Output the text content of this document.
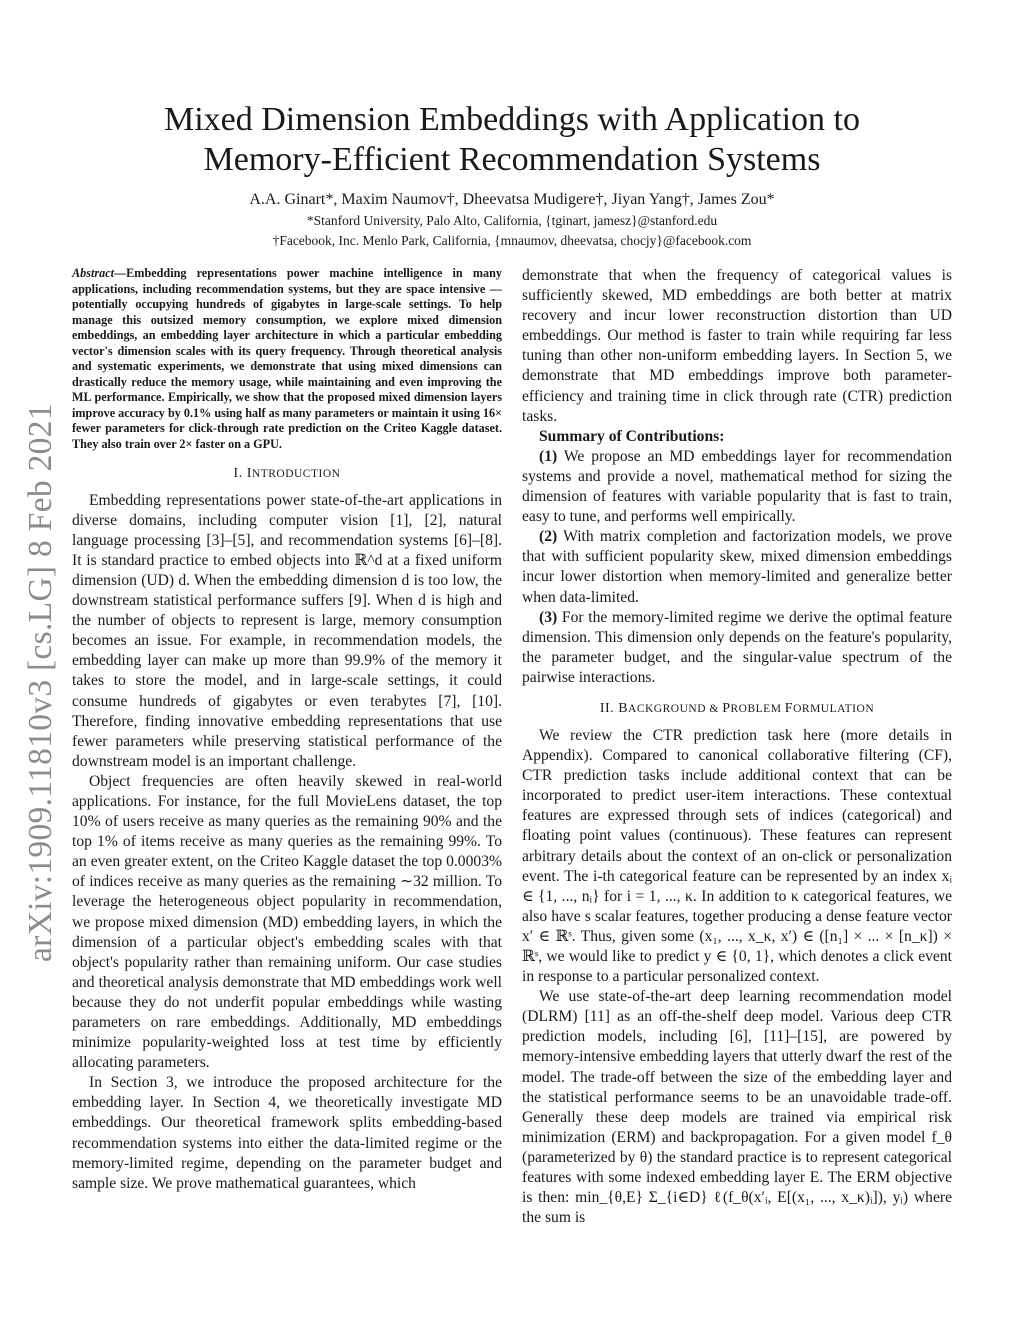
arXiv:1909.11810v3 [cs.LG] 8 Feb 2021
Mixed Dimension Embeddings with Application to
Memory-Efficient Recommendation Systems
A.A. Ginart*, Maxim Naumov†, Dheevatsa Mudigere†, Jiyan Yang†, James Zou*
*Stanford University, Palo Alto, California, {tginart, jamesz}@stanford.edu
†Facebook, Inc. Menlo Park, California, {mnaumov, dheevatsa, chocjy}@facebook.com

Abstract—Embedding representations power machine intelligence in many applications, including recommendation systems, but they are space intensive — potentially occupying hundreds of gigabytes in large-scale settings. To help manage this outsized memory consumption, we explore mixed dimension embeddings, an embedding layer architecture in which a particular embedding vector's dimension scales with its query frequency. Through theoretical analysis and systematic experiments, we demonstrate that using mixed dimensions can drastically reduce the memory usage, while maintaining and even improving the ML performance. Empirically, we show that the proposed mixed dimension layers improve accuracy by 0.1% using half as many parameters or maintain it using 16× fewer parameters for click-through rate prediction on the Criteo Kaggle dataset. They also train over 2× faster on a GPU.

I. INTRODUCTION

Embedding representations power state-of-the-art applications in diverse domains, including computer vision [1], [2], natural language processing [3]–[5], and recommendation systems [6]–[8]. It is standard practice to embed objects into ℝ^d at a fixed uniform dimension (UD) d. When the embedding dimension d is too low, the downstream statistical performance suffers [9]. When d is high and the number of objects to represent is large, memory consumption becomes an issue. For example, in recommendation models, the embedding layer can make up more than 99.9% of the memory it takes to store the model, and in large-scale settings, it could consume hundreds of gigabytes or even terabytes [7], [10]. Therefore, finding innovative embedding representations that use fewer parameters while preserving statistical performance of the downstream model is an important challenge.

Object frequencies are often heavily skewed in real-world applications. For instance, for the full MovieLens dataset, the top 10% of users receive as many queries as the remaining 90% and the top 1% of items receive as many queries as the remaining 99%. To an even greater extent, on the Criteo Kaggle dataset the top 0.0003% of indices receive as many queries as the remaining ∼32 million. To leverage the heterogeneous object popularity in recommendation, we propose mixed dimension (MD) embedding layers, in which the dimension of a particular object's embedding scales with that object's popularity rather than remaining uniform. Our case studies and theoretical analysis demonstrate that MD embeddings work well because they do not underfit popular embeddings while wasting parameters on rare embeddings. Additionally, MD embeddings minimize popularity-weighted loss at test time by efficiently allocating parameters.

In Section 3, we introduce the proposed architecture for the embedding layer. In Section 4, we theoretically investigate MD embeddings. Our theoretical framework splits embedding-based recommendation systems into either the data-limited regime or the memory-limited regime, depending on the parameter budget and sample size. We prove mathematical guarantees, which

demonstrate that when the frequency of categorical values is sufficiently skewed, MD embeddings are both better at matrix recovery and incur lower reconstruction distortion than UD embeddings. Our method is faster to train while requiring far less tuning than other non-uniform embedding layers. In Section 5, we demonstrate that MD embeddings improve both parameter-efficiency and training time in click through rate (CTR) prediction tasks.

Summary of Contributions:

(1) We propose an MD embeddings layer for recommendation systems and provide a novel, mathematical method for sizing the dimension of features with variable popularity that is fast to train, easy to tune, and performs well empirically.

(2) With matrix completion and factorization models, we prove that with sufficient popularity skew, mixed dimension embeddings incur lower distortion when memory-limited and generalize better when data-limited.

(3) For the memory-limited regime we derive the optimal feature dimension. This dimension only depends on the feature's popularity, the parameter budget, and the singular-value spectrum of the pairwise interactions.

II. BACKGROUND & PROBLEM FORMULATION

We review the CTR prediction task here (more details in Appendix). Compared to canonical collaborative filtering (CF), CTR prediction tasks include additional context that can be incorporated to predict user-item interactions. These contextual features are expressed through sets of indices (categorical) and floating point values (continuous). These features can represent arbitrary details about the context of an on-click or personalization event. The i-th categorical feature can be represented by an index xᵢ ∈ {1, ..., nᵢ} for i = 1, ..., κ. In addition to κ categorical features, we also have s scalar features, together producing a dense feature vector x′ ∈ ℝˢ. Thus, given some (x₁, ..., x_κ, x′) ∈ ([n₁] × ... × [n_κ]) × ℝˢ, we would like to predict y ∈ {0, 1}, which denotes a click event in response to a particular personalized context.

We use state-of-the-art deep learning recommendation model (DLRM) [11] as an off-the-shelf deep model. Various deep CTR prediction models, including [6], [11]–[15], are powered by memory-intensive embedding layers that utterly dwarf the rest of the model. The trade-off between the size of the embedding layer and the statistical performance seems to be an unavoidable trade-off. Generally these deep models are trained via empirical risk minimization (ERM) and backpropagation. For a given model f_θ (parameterized by θ) the standard practice is to represent categorical features with some indexed embedding layer E. The ERM objective is then: min_{θ,E} Σ_{i∈D} ℓ(f_θ(x′ᵢ, E[(x₁, ..., x_κ)ᵢ]), yᵢ) where the sum is
